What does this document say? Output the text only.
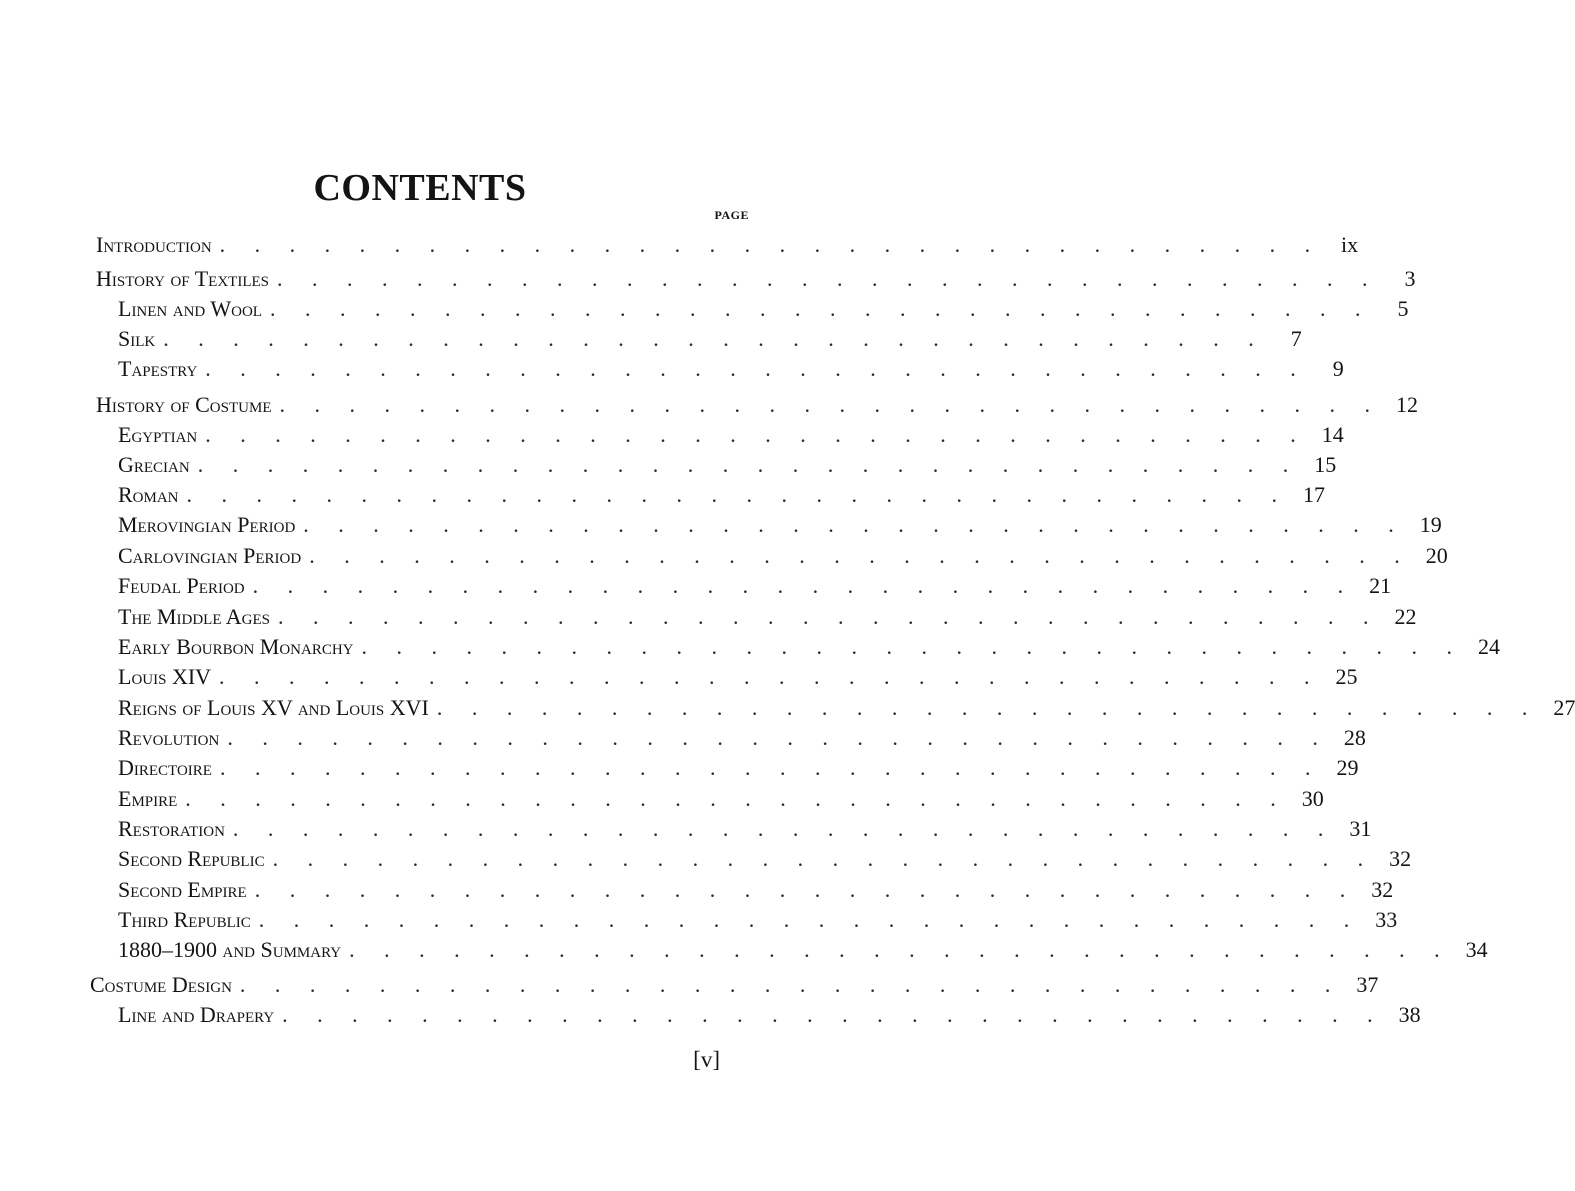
CONTENTS
PAGE
Introduction . . . . . . . . . . . . . . . . . . . . . . . . . . . . . . . . ix
History of Textiles . . . . . . . . . . . . . . . . . . . . . . . . . . . . . . . .	3
Linen and Wool . . . . . . . . . . . . . . . . . . . . . . . . . . . . . . . .	5
Silk . . . . . . . . . . . . . . . . . . . . . . . . . . . . . . . .	7
Tapestry . . . . . . . . . . . . . . . . . . . . . . . . . . . . . . . .	9
History of Costume . . . . . . . . . . . . . . . . . . . . . . . . . . . . . . . . 12
Egyptian . . . . . . . . . . . . . . . . . . . . . . . . . . . . . . . . 14
Grecian . . . . . . . . . . . . . . . . . . . . . . . . . . . . . . . . 15
Roman . . . . . . . . . . . . . . . . . . . . . . . . . . . . . . . . 17
Merovingian Period . . . . . . . . . . . . . . . . . . . . . . . . . . . . . . . . 19
Carlovingian Period . . . . . . . . . . . . . . . . . . . . . . . . . . . . . . . . 20
Feudal Period . . . . . . . . . . . . . . . . . . . . . . . . . . . . . . . . 21
The Middle Ages . . . . . . . . . . . . . . . . . . . . . . . . . . . . . . . . 22
Early Bourbon Monarchy . . . . . . . . . . . . . . . . . . . . . . . . . . . . . . . . 24
Louis XIV . . . . . . . . . . . . . . . . . . . . . . . . . . . . . . . . 25
Reigns of Louis XV and Louis XVI . . . . . . . . . . . . . . . . . . . . . . . . . . . . . . . . 27
Revolution . . . . . . . . . . . . . . . . . . . . . . . . . . . . . . . . 28
Directoire . . . . . . . . . . . . . . . . . . . . . . . . . . . . . . . . 29
Empire . . . . . . . . . . . . . . . . . . . . . . . . . . . . . . . . 30
Restoration . . . . . . . . . . . . . . . . . . . . . . . . . . . . . . . . 31
Second Republic . . . . . . . . . . . . . . . . . . . . . . . . . . . . . . . . 32
Second Empire . . . . . . . . . . . . . . . . . . . . . . . . . . . . . . . . 32
Third Republic . . . . . . . . . . . . . . . . . . . . . . . . . . . . . . . . 33
1880–1900 and Summary . . . . . . . . . . . . . . . . . . . . . . . . . . . . . . . . 34
Costume Design . . . . . . . . . . . . . . . . . . . . . . . . . . . . . . . . 37
Line and Drapery . . . . . . . . . . . . . . . . . . . . . . . . . . . . . . . . 38
[v]
